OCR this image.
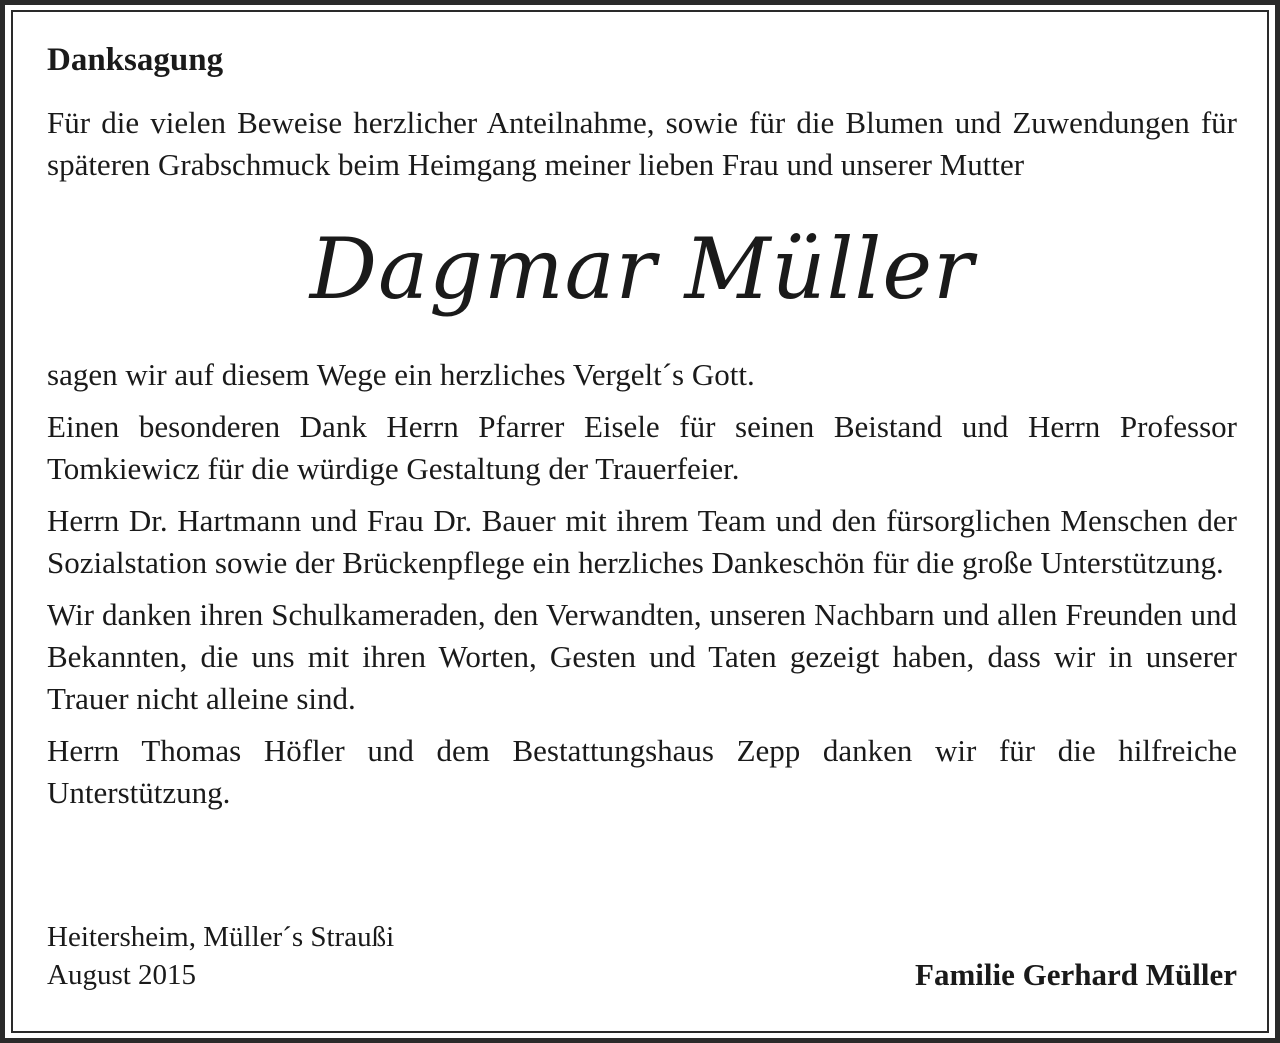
Danksagung

Für die vielen Beweise herzlicher Anteilnahme, sowie für die Blumen und Zuwendungen für späteren Grabschmuck beim Heimgang meiner lieben Frau und unserer Mutter

Dagmar Müller

sagen wir auf diesem Wege ein herzliches Vergelt´s Gott.

Einen besonderen Dank Herrn Pfarrer Eisele für seinen Beistand und Herrn Professor Tomkiewicz für die würdige Gestaltung der Trauerfeier.

Herrn Dr. Hartmann und Frau Dr. Bauer mit ihrem Team und den fürsorglichen Menschen der Sozialstation sowie der Brückenpflege ein herzliches Dankeschön für die große Unterstützung.

Wir danken ihren Schulkameraden, den Verwandten, unseren Nachbarn und allen Freunden und Bekannten, die uns mit ihren Worten, Gesten und Taten gezeigt haben, dass wir in unserer Trauer nicht alleine sind.

Herrn Thomas Höfler und dem Bestattungshaus Zepp danken wir für die hilfreiche Unterstützung.

Heitersheim, Müller´s Straußi
August 2015	Familie Gerhard Müller
